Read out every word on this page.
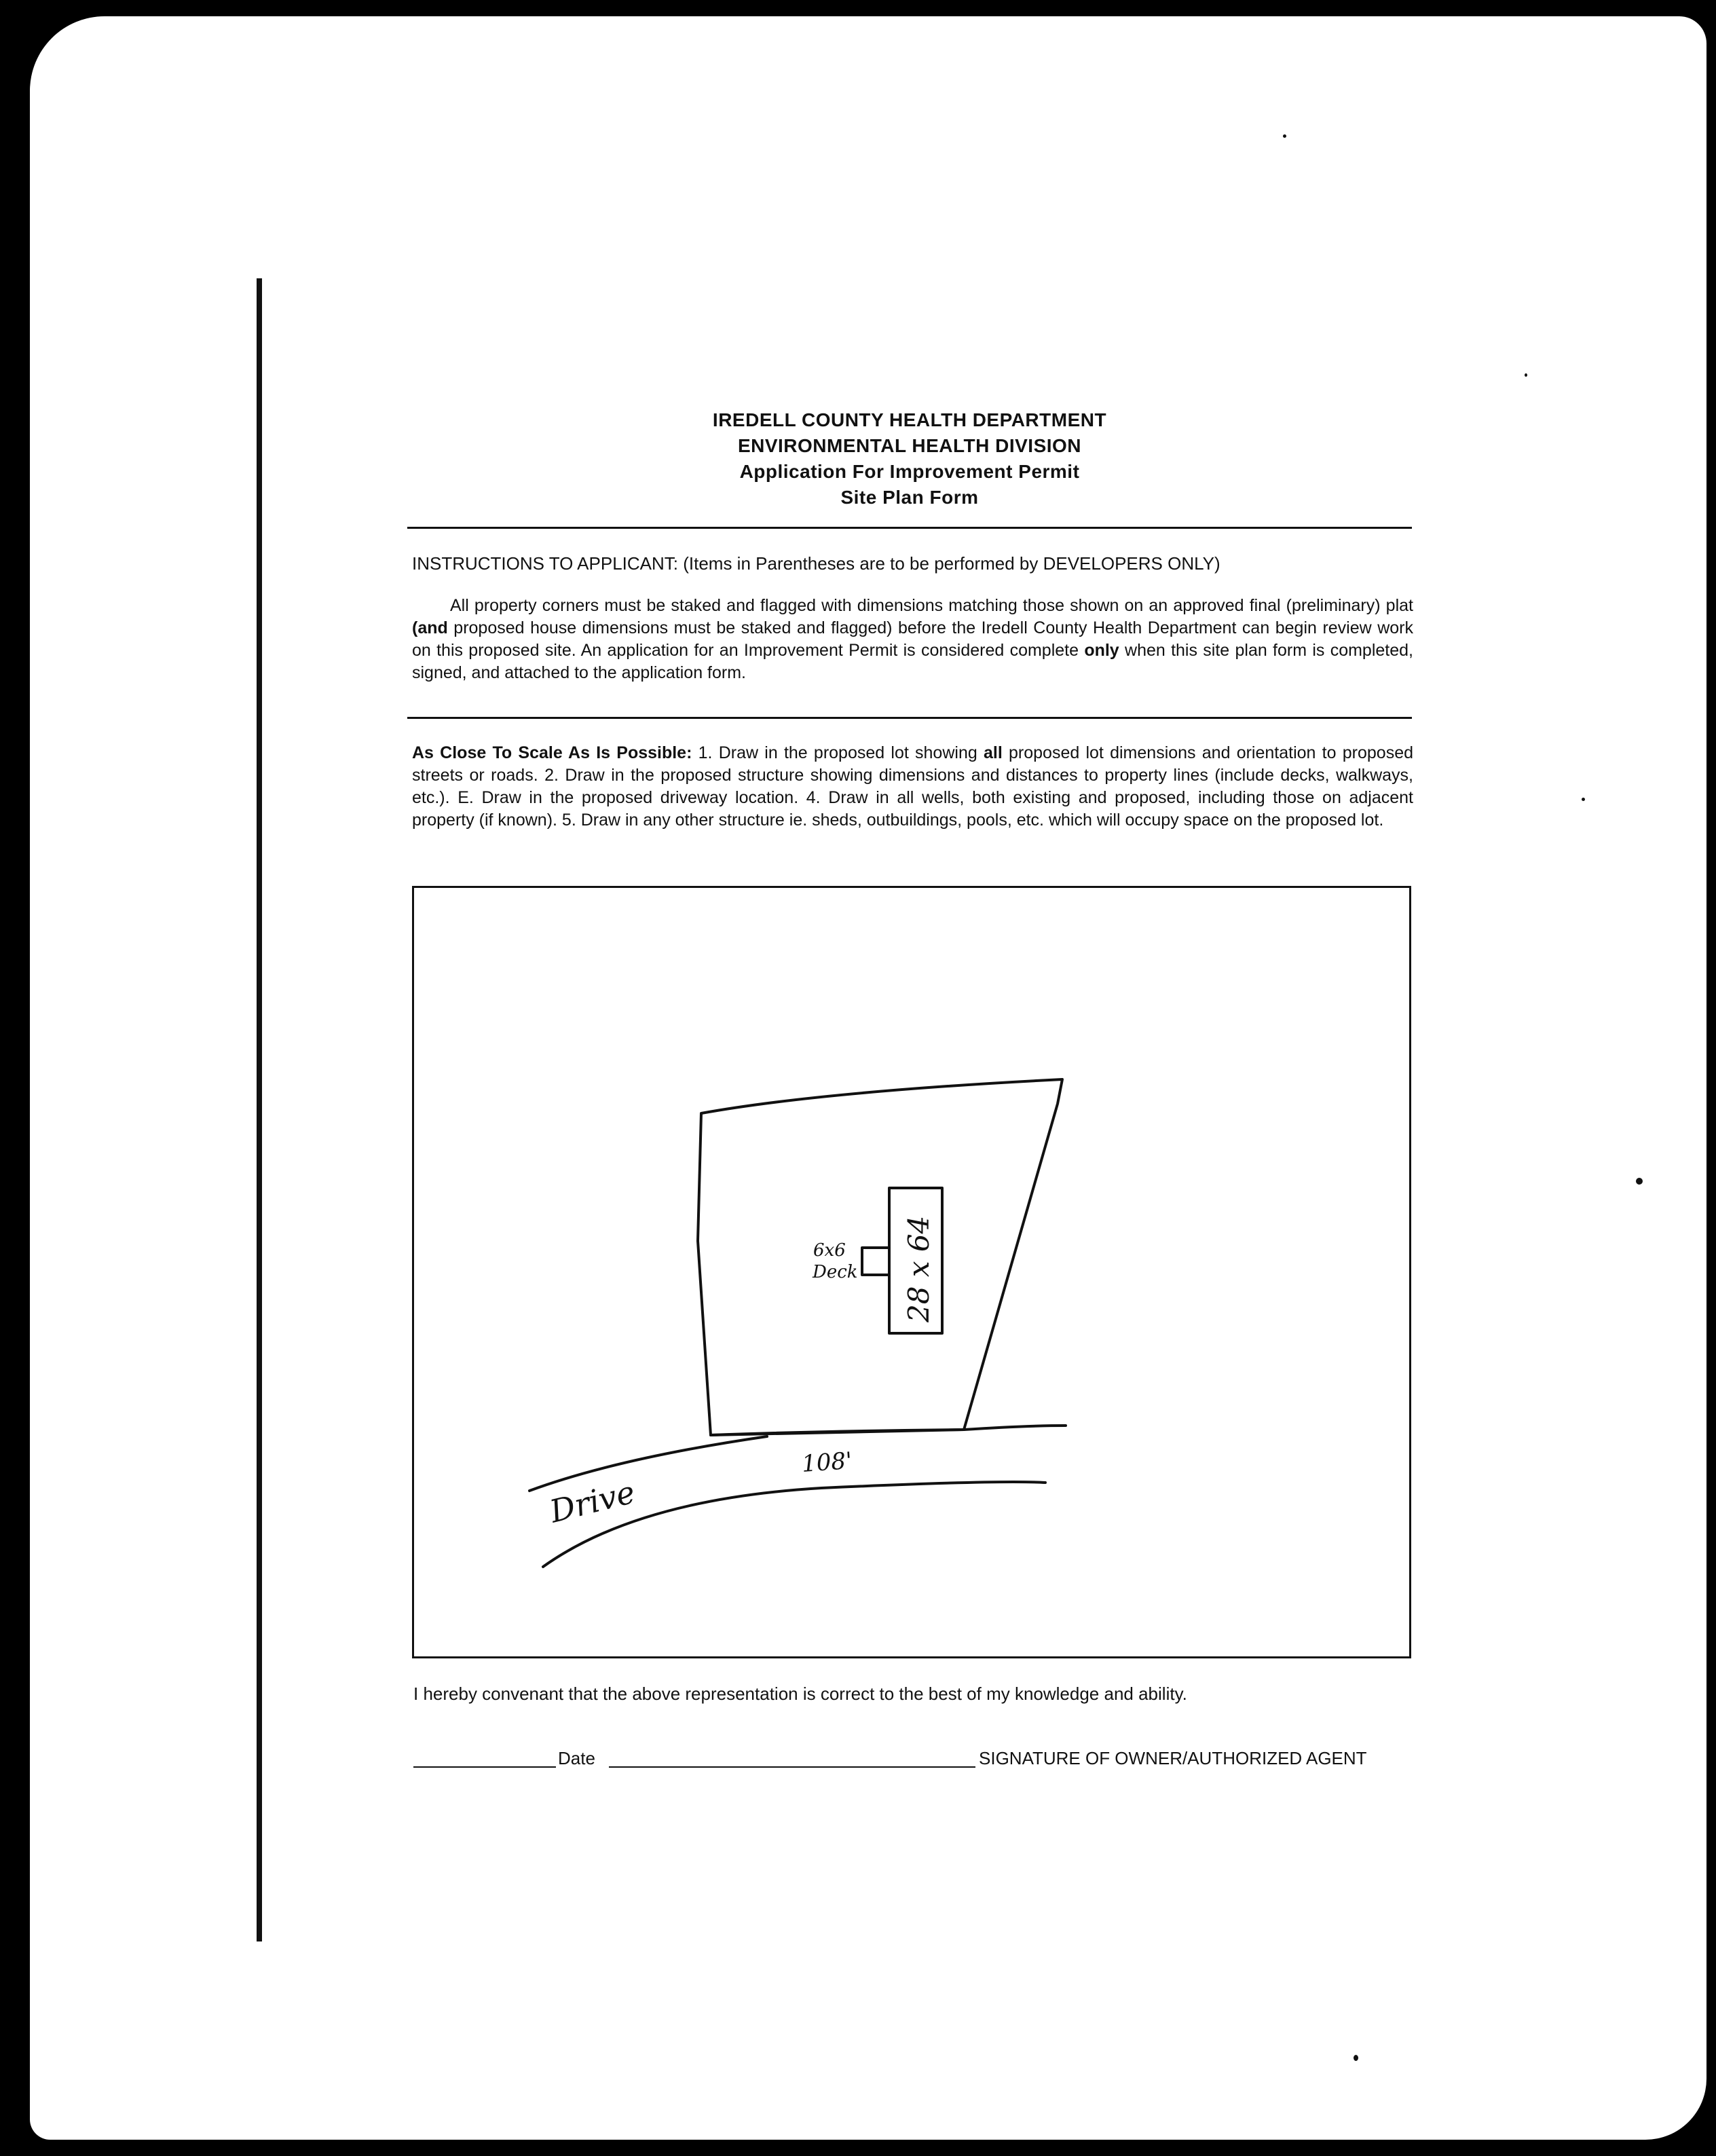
IREDELL COUNTY HEALTH DEPARTMENT
ENVIRONMENTAL HEALTH DIVISION
Application For Improvement Permit
Site Plan Form
INSTRUCTIONS TO APPLICANT: (Items in Parentheses are to be performed by DEVELOPERS ONLY)
All property corners must be staked and flagged with dimensions matching those shown on an approved final (preliminary) plat (and proposed house dimensions must be staked and flagged) before the Iredell County Health Department can begin review work on this proposed site. An application for an Improvement Permit is considered complete only when this site plan form is completed, signed, and attached to the application form.
As Close To Scale As Is Possible: 1. Draw in the proposed lot showing all proposed lot dimensions and orientation to proposed streets or roads. 2. Draw in the proposed structure showing dimensions and distances to property lines (include decks, walkways, etc.). E. Draw in the proposed driveway location. 4. Draw in all wells, both existing and proposed, including those on adjacent property (if known). 5. Draw in any other structure ie. sheds, outbuildings, pools, etc. which will occupy space on the proposed lot.
6x6
Deck 28 x 64
108'
Drive
I hereby convenant that the above representation is correct to the best of my knowledge and ability.
Date	SIGNATURE OF OWNER/AUTHORIZED AGENT
